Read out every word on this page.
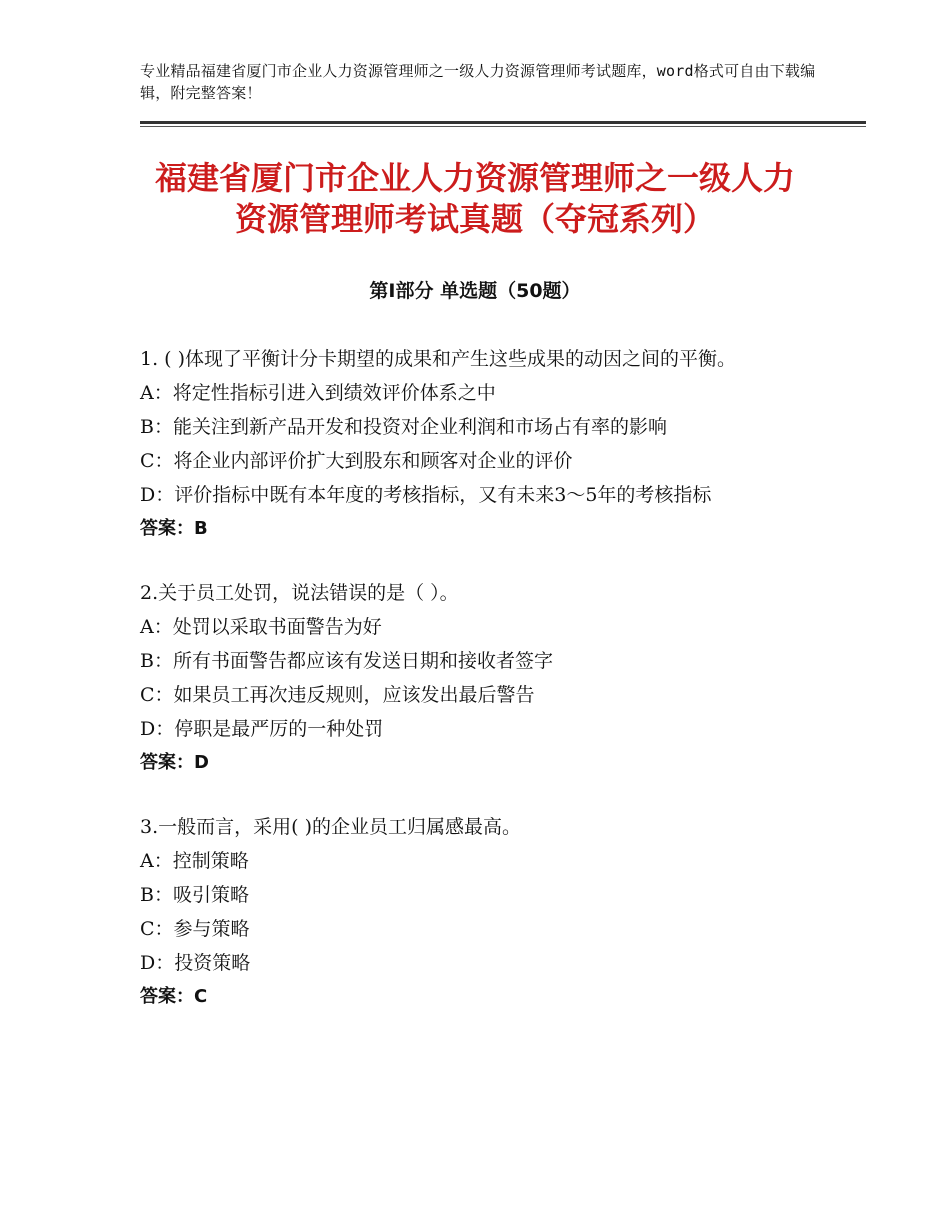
专业精品福建省厦门市企业人力资源管理师之一级人力资源管理师考试题库，word格式可自由下载编辑，附完整答案！
福建省厦门市企业人力资源管理师之一级人力资源管理师考试真题（夺冠系列）
第Ⅰ部分 单选题（50题）
1. ( )体现了平衡计分卡期望的成果和产生这些成果的动因之间的平衡。
A：将定性指标引进入到绩效评价体系之中
B：能关注到新产品开发和投资对企业利润和市场占有率的影响
C：将企业内部评价扩大到股东和顾客对企业的评价
D：评价指标中既有本年度的考核指标，又有未来3～5年的考核指标
答案：B
2.关于员工处罚，说法错误的是（ ）。
A：处罚以采取书面警告为好
B：所有书面警告都应该有发送日期和接收者签字
C：如果员工再次违反规则，应该发出最后警告
D：停职是最严厉的一种处罚
答案：D
3.一般而言，采用( )的企业员工归属感最高。
A：控制策略
B：吸引策略
C：参与策略
D：投资策略
答案：C
